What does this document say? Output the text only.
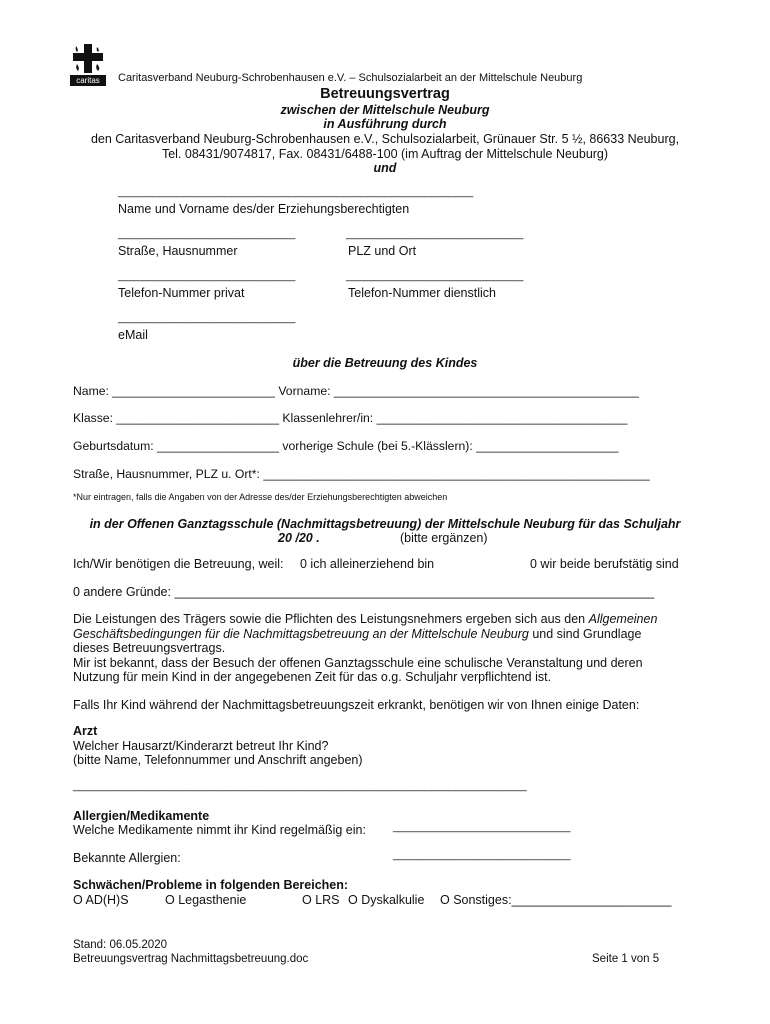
caritas	Caritasverband Neuburg-Schrobenhausen e.V. – Schulsozialarbeit an der Mittelschule Neuburg
Betreuungsvertrag
zwischen der Mittelschule Neuburg
in Ausführung durch
den Caritasverband Neuburg-Schrobenhausen e.V., Schulsozialarbeit, Grünauer Str. 5 ½, 86633 Neuburg,
Tel. 08431/9074817, Fax. 08431/6488-100 (im Auftrag der Mittelschule Neuburg)
und
____________________________________________________________
Name und Vorname des/der Erziehungsberechtigten
_____________________________	_____________________________
Straße, Hausnummer	PLZ und Ort
_____________________________	_____________________________
Telefon-Nummer privat	Telefon-Nummer dienstlich
_____________________________
eMail
über die Betreuung des Kindes
Name: ________________________ Vorname: _____________________________________________
Klasse: ________________________ Klassenlehrer/in: _____________________________________
Geburtsdatum: __________________ vorherige Schule (bei 5.-Klässlern): _____________________
Straße, Hausnummer, PLZ u. Ort*: _________________________________________________________
*Nur eintragen, falls die Angaben von der Adresse des/der Erziehungsberechtigten abweichen
in der Offenen Ganztagsschule (Nachmittagsbetreuung) der Mittelschule Neuburg für das Schuljahr
20 /20 .	(bitte ergänzen)
Ich/Wir benötigen die Betreuung, weil: 0 ich alleinerziehend bin	0 wir beide berufstätig sind
0 andere Gründe: _____________________________________________________________________
Die Leistungen des Trägers sowie die Pflichten des Leistungsnehmers ergeben sich aus den Allgemeinen
Geschäftsbedingungen für die Nachmittagsbetreuung an der Mittelschule Neuburg und sind Grundlage
dieses Betreuungsvertrags.
Mir ist bekannt, dass der Besuch der offenen Ganztagsschule eine schulische Veranstaltung und deren
Nutzung für mein Kind in der angegebenen Zeit für das o.g. Schuljahr verpflichtend ist.
Falls Ihr Kind während der Nachmittagsbetreuungszeit erkrankt, benötigen wir von Ihnen einige Daten:
Arzt
Welcher Hausarzt/Kinderarzt betreut Ihr Kind?
(bitte Name, Telefonnummer und Anschrift angeben)
____________________________________________________________________________
Allergien/Medikamente
Welche Medikamente nimmt ihr Kind regelmäßig ein: _____________________________
Bekannte Allergien:	_____________________________
Schwächen/Probleme in folgenden Bereichen:
O AD(H)S	O Legasthenie	O LRS O Dyskalkulie O Sonstiges:_______________________
Stand: 06.05.2020
Betreuungsvertrag Nachmittagsbetreuung.doc	Seite 1 von 5
